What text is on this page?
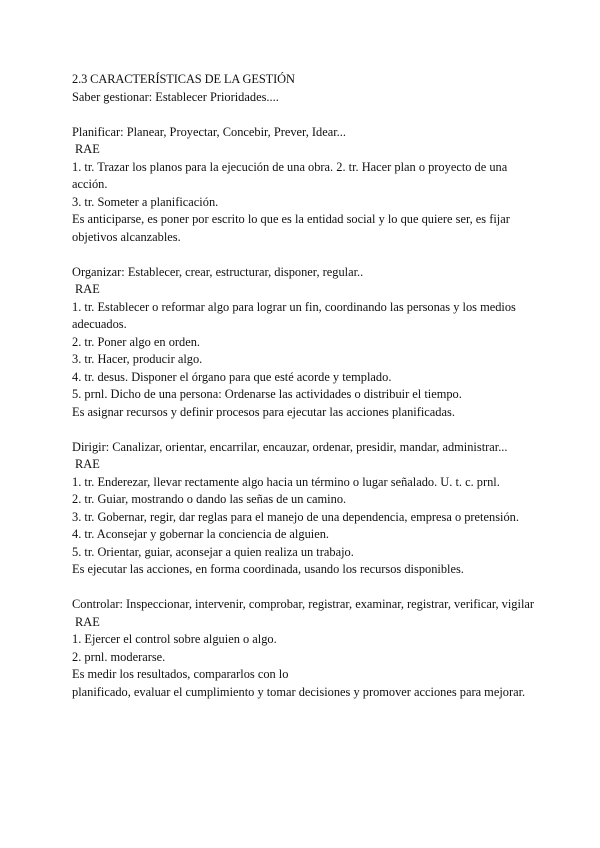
2.3 CARACTERÍSTICAS DE LA GESTIÓN
Saber gestionar: Establecer Prioridades....
Planificar: Planear, Proyectar, Concebir, Prever, Idear...
RAE
1. tr. Trazar los planos para la ejecución de una obra. 2. tr. Hacer plan o proyecto de una acción.
3. tr. Someter a planificación.
Es anticiparse, es poner por escrito lo que es la entidad social y lo que quiere ser, es fijar objetivos alcanzables.
Organizar: Establecer, crear, estructurar, disponer, regular..
RAE
1. tr. Establecer o reformar algo para lograr un fin, coordinando las personas y los medios adecuados.
2. tr. Poner algo en orden.
3. tr. Hacer, producir algo.
4. tr. desus. Disponer el órgano para que esté acorde y templado.
5. prnl. Dicho de una persona: Ordenarse las actividades o distribuir el tiempo.
Es asignar recursos y definir procesos para ejecutar las acciones planificadas.
Dirigir: Canalizar, orientar, encarrilar, encauzar, ordenar, presidir, mandar, administrar...
RAE
1. tr. Enderezar, llevar rectamente algo hacia un término o lugar señalado. U. t. c. prnl.
2. tr. Guiar, mostrando o dando las señas de un camino.
3. tr. Gobernar, regir, dar reglas para el manejo de una dependencia, empresa o pretensión.
4. tr. Aconsejar y gobernar la conciencia de alguien.
5. tr. Orientar, guiar, aconsejar a quien realiza un trabajo.
Es ejecutar las acciones, en forma coordinada, usando los recursos disponibles.
Controlar: Inspeccionar, intervenir, comprobar, registrar, examinar, registrar, verificar, vigilar
RAE
1. Ejercer el control sobre alguien o algo.
2. prnl. moderarse.
Es medir los resultados, compararlos con lo
planificado, evaluar el cumplimiento y tomar decisiones y promover acciones para mejorar.
